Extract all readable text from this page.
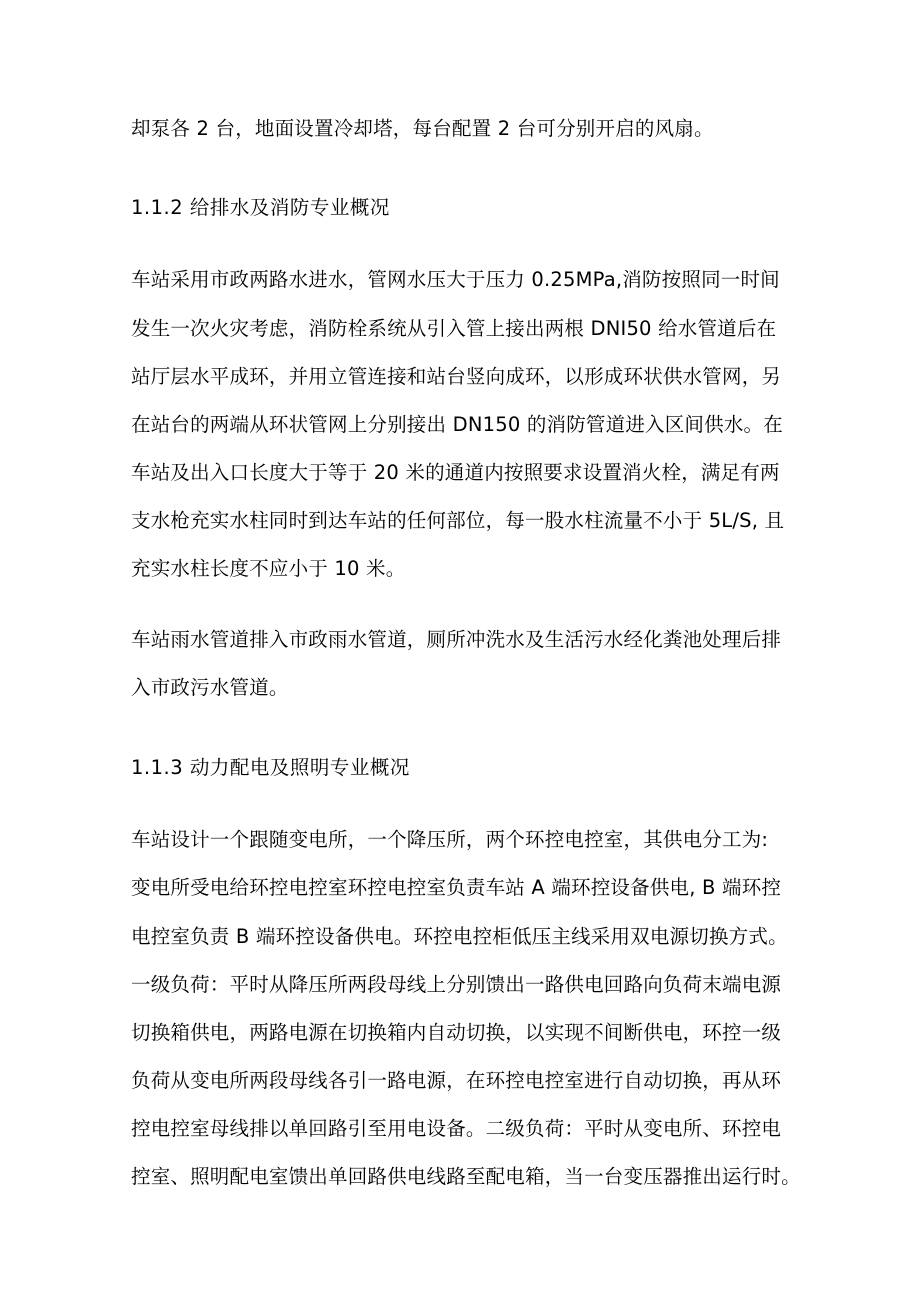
却泵各 2 台，地面设置冷却塔，每台配置 2 台可分别开启的风扇。
1.1.2 给排水及消防专业概况
车站采用市政两路水进水，管网水压大于压力 0.25MPa,消防按照同一时间
发生一次火灾考虑，消防栓系统从引入管上接出两根 DNI50 给水管道后在
站厅层水平成环，并用立管连接和站台竖向成环，以形成环状供水管网，另
在站台的两端从环状管网上分别接出 DN150 的消防管道进入区间供水。在
车站及出入口长度大于等于 20 米的通道内按照要求设置消火栓，满足有两
支水枪充实水柱同时到达车站的任何部位，每一股水柱流量不小于 5L/S, 且
充实水柱长度不应小于 10 米。
车站雨水管道排入市政雨水管道，厕所冲洗水及生活污水经化粪池处理后排
入市政污水管道。
1.1.3 动力配电及照明专业概况
车站设计一个跟随变电所，一个降压所，两个环控电控室，其供电分工为:
变电所受电给环控电控室环控电控室负责车站 A 端环控设备供电, B 端环控
电控室负责 B 端环控设备供电。环控电控柜低压主线采用双电源切换方式。
一级负荷：平时从降压所两段母线上分别馈出一路供电回路向负荷末端电源
切换箱供电，两路电源在切换箱内自动切换，以实现不间断供电，环控一级
负荷从变电所两段母线各引一路电源，在环控电控室进行自动切换，再从环
控电控室母线排以单回路引至用电设备。二级负荷：平时从变电所、环控电
控室、照明配电室馈出单回路供电线路至配电箱，当一台变压器推出运行时。
